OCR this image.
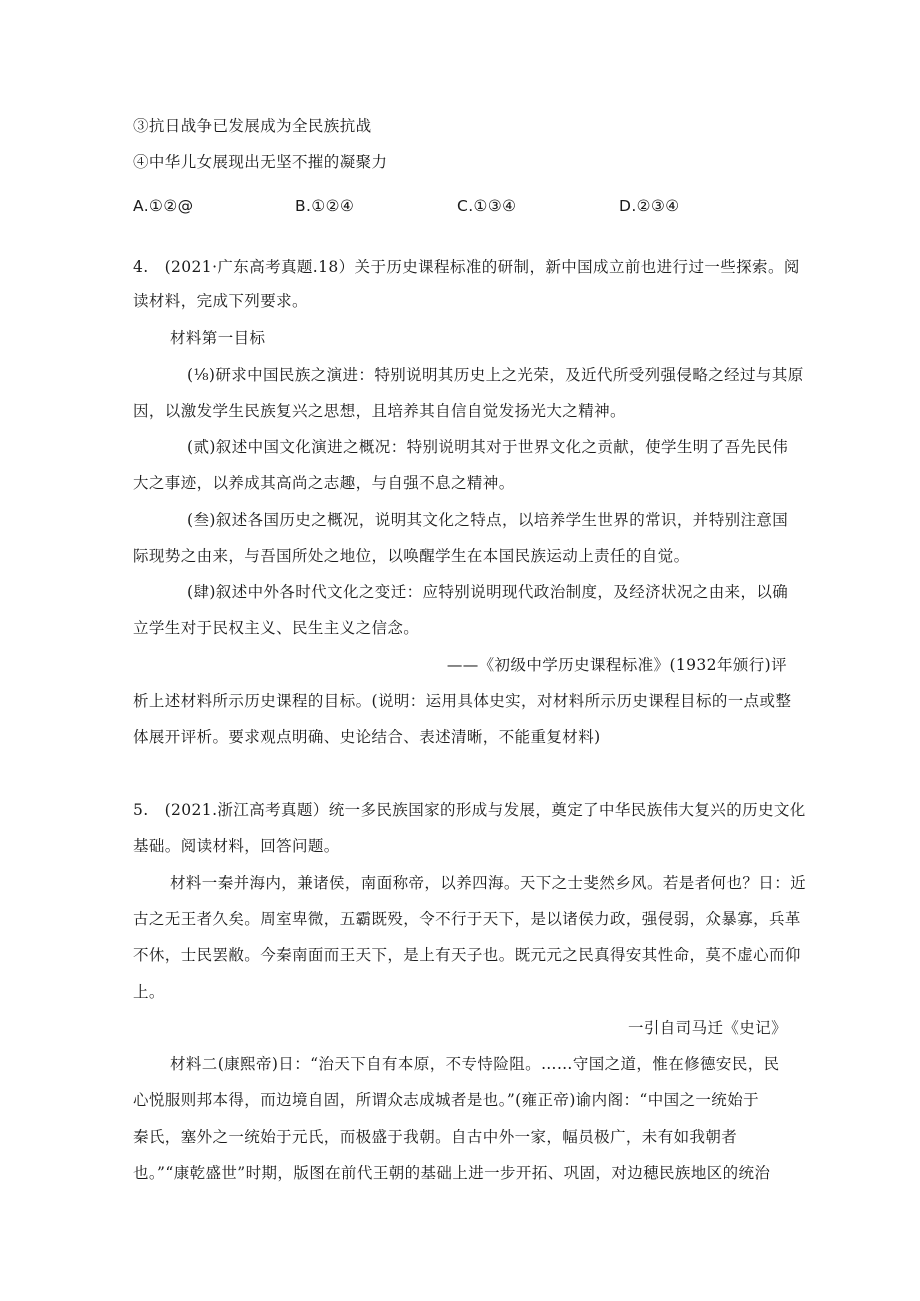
③抗日战争已发展成为全民族抗战
④中华儿女展现出无坚不摧的凝聚力
A.①②@	B.①②④	C.①③④	D.②③④
4.   (2021·广东高考真题.18）关于历史课程标准的研制，新中国成立前也进行过一些探索。阅
读材料，完成下列要求。
材料第一目标
(⅛)研求中国民族之演进：特别说明其历史上之光荣，及近代所受列强侵略之经过与其原
因，以激发学生民族复兴之思想，且培养其自信自觉发扬光大之精神。
(贰)叙述中国文化演进之概况：特别说明其对于世界文化之贡献，使学生明了吾先民伟
大之事迹，以养成其高尚之志趣，与自强不息之精神。
(叁)叙述各国历史之概况，说明其文化之特点，以培养学生世界的常识，并特别注意国
际现势之由来，与吾国所处之地位，以唤醒学生在本国民族运动上责任的自觉。
(肆)叙述中外各时代文化之变迁：应特别说明现代政治制度，及经济状况之由来，以确
立学生对于民权主义、民生主义之信念。
——《初级中学历史课程标准》(1932年颁行)评
析上述材料所示历史课程的目标。(说明：运用具体史实，对材料所示历史课程目标的一点或整
体展开评析。要求观点明确、史论结合、表述清晰，不能重复材料)
5.   (2021.浙江高考真题）统一多民族国家的形成与发展，奠定了中华民族伟大复兴的历史文化
基础。阅读材料，回答问题。
材料一秦并海内，兼诸侯，南面称帝，以养四海。天下之士斐然乡风。若是者何也？日：近
古之无王者久矣。周室卑微，五霸既殁，令不行于天下，是以诸侯力政，强侵弱，众暴寡，兵革
不休，士民罢敝。今秦南面而王天下，是上有天子也。既元元之民真得安其性命，莫不虚心而仰
上。
一引自司马迁《史记》
材料二(康熙帝)日：“治天下自有本原，不专恃险阻。……守国之道，惟在修德安民，民
心悦服则邦本得，而边境自固，所谓众志成城者是也。”(雍正帝)谕内阁：“中国之一统始于
秦氏，塞外之一统始于元氏，而极盛于我朝。自古中外一家，幅员极广，未有如我朝者
也。”“康乾盛世”时期，版图在前代王朝的基础上进一步开拓、巩固，对边穂民族地区的统治
